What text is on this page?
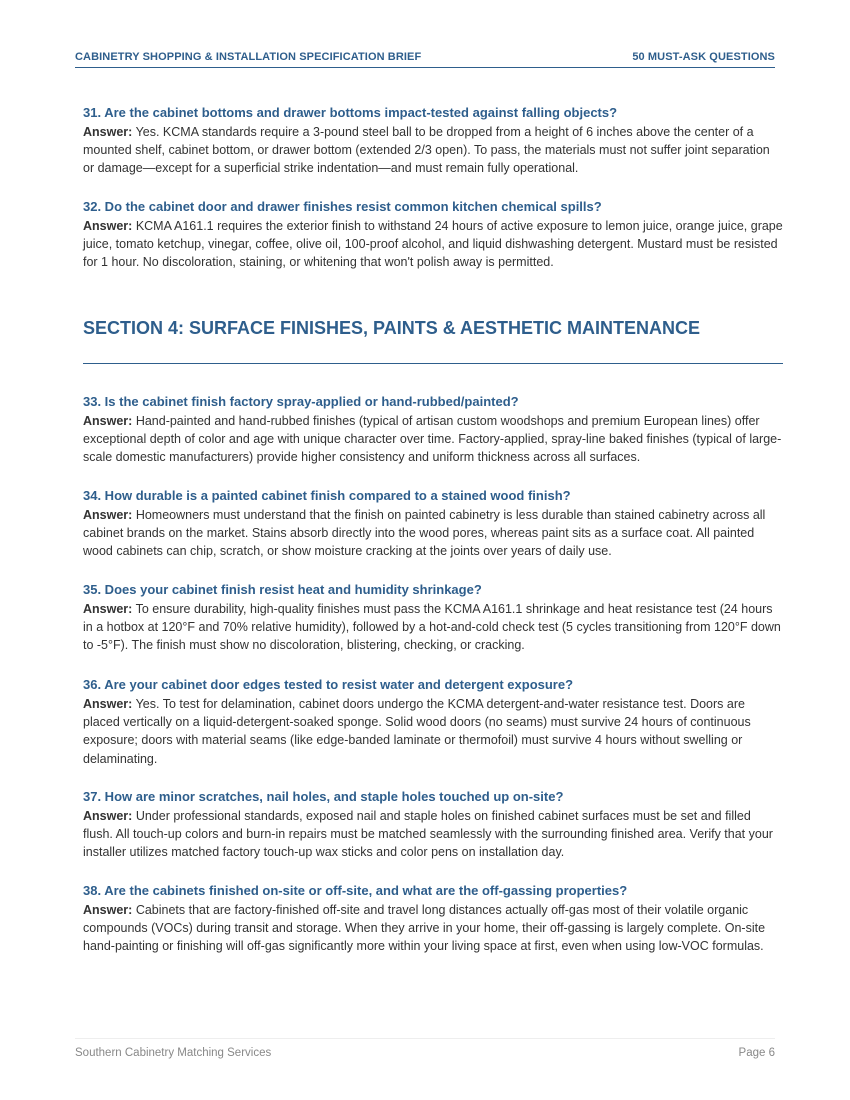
CABINETRY SHOPPING & INSTALLATION SPECIFICATION BRIEF	50 MUST-ASK QUESTIONS

31. Are the cabinet bottoms and drawer bottoms impact-tested against falling objects?

Answer: Yes. KCMA standards require a 3-pound steel ball to be dropped from a height of 6 inches above the center of a mounted shelf, cabinet bottom, or drawer bottom (extended 2/3 open). To pass, the materials must not suffer joint separation or damage—except for a superficial strike indentation—and must remain fully operational.

32. Do the cabinet door and drawer finishes resist common kitchen chemical spills?

Answer: KCMA A161.1 requires the exterior finish to withstand 24 hours of active exposure to lemon juice, orange juice, grape juice, tomato ketchup, vinegar, coffee, olive oil, 100-proof alcohol, and liquid dishwashing detergent. Mustard must be resisted for 1 hour. No discoloration, staining, or whitening that won't polish away is permitted.

SECTION 4: SURFACE FINISHES, PAINTS & AESTHETIC MAINTENANCE

33. Is the cabinet finish factory spray-applied or hand-rubbed/painted?

Answer: Hand-painted and hand-rubbed finishes (typical of artisan custom woodshops and premium European lines) offer exceptional depth of color and age with unique character over time. Factory-applied, spray-line baked finishes (typical of large-scale domestic manufacturers) provide higher consistency and uniform thickness across all surfaces.

34. How durable is a painted cabinet finish compared to a stained wood finish?

Answer: Homeowners must understand that the finish on painted cabinetry is less durable than stained cabinetry across all cabinet brands on the market. Stains absorb directly into the wood pores, whereas paint sits as a surface coat. All painted wood cabinets can chip, scratch, or show moisture cracking at the joints over years of daily use.

35. Does your cabinet finish resist heat and humidity shrinkage?

Answer: To ensure durability, high-quality finishes must pass the KCMA A161.1 shrinkage and heat resistance test (24 hours in a hotbox at 120°F and 70% relative humidity), followed by a hot-and-cold check test (5 cycles transitioning from 120°F down to -5°F). The finish must show no discoloration, blistering, checking, or cracking.

36. Are your cabinet door edges tested to resist water and detergent exposure?

Answer: Yes. To test for delamination, cabinet doors undergo the KCMA detergent-and-water resistance test. Doors are placed vertically on a liquid-detergent-soaked sponge. Solid wood doors (no seams) must survive 24 hours of continuous exposure; doors with material seams (like edge-banded laminate or thermofoil) must survive 4 hours without swelling or delaminating.

37. How are minor scratches, nail holes, and staple holes touched up on-site?

Answer: Under professional standards, exposed nail and staple holes on finished cabinet surfaces must be set and filled flush. All touch-up colors and burn-in repairs must be matched seamlessly with the surrounding finished area. Verify that your installer utilizes matched factory touch-up wax sticks and color pens on installation day.

38. Are the cabinets finished on-site or off-site, and what are the off-gassing properties?

Answer: Cabinets that are factory-finished off-site and travel long distances actually off-gas most of their volatile organic compounds (VOCs) during transit and storage. When they arrive in your home, their off-gassing is largely complete. On-site hand-painting or finishing will off-gas significantly more within your living space at first, even when using low-VOC formulas.

Southern Cabinetry Matching Services	Page 6
